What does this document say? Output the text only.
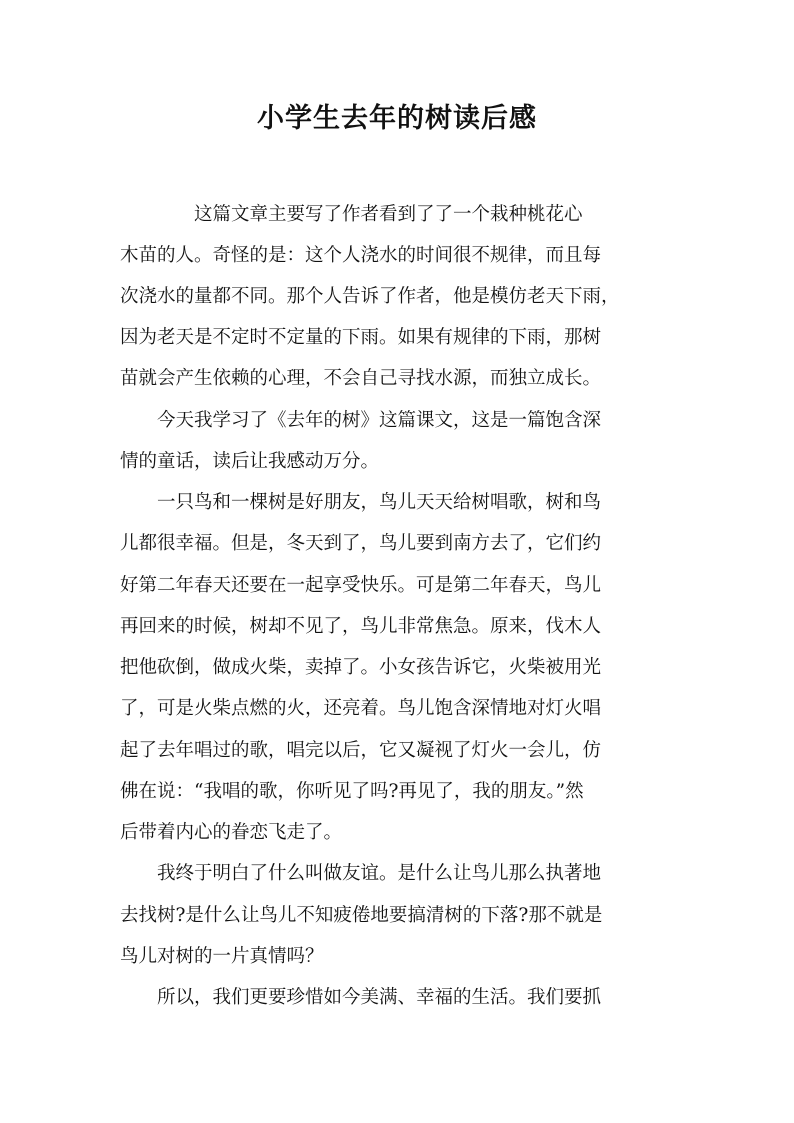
小学生去年的树读后感

　　　　这篇文章主要写了作者看到了了一个栽种桃花心

木苗的人。奇怪的是：这个人浇水的时间很不规律，而且每

次浇水的量都不同。那个人告诉了作者，他是模仿老天下雨，

因为老天是不定时不定量的下雨。如果有规律的下雨，那树

苗就会产生依赖的心理，不会自己寻找水源，而独立成长。

　　今天我学习了《去年的树》这篇课文，这是一篇饱含深

情的童话，读后让我感动万分。

　　一只鸟和一棵树是好朋友，鸟儿天天给树唱歌，树和鸟

儿都很幸福。但是，冬天到了，鸟儿要到南方去了，它们约

好第二年春天还要在一起享受快乐。可是第二年春天，鸟儿

再回来的时候，树却不见了，鸟儿非常焦急。原来，伐木人

把他砍倒，做成火柴，卖掉了。小女孩告诉它，火柴被用光

了，可是火柴点燃的火，还亮着。鸟儿饱含深情地对灯火唱

起了去年唱过的歌，唱完以后，它又凝视了灯火一会儿，仿

佛在说：“我唱的歌，你听见了吗?再见了，我的朋友。”然

后带着内心的眷恋飞走了。

　　我终于明白了什么叫做友谊。是什么让鸟儿那么执著地

去找树?是什么让鸟儿不知疲倦地要搞清树的下落?那不就是

鸟儿对树的一片真情吗？

　　所以，我们更要珍惜如今美满、幸福的生活。我们要抓
